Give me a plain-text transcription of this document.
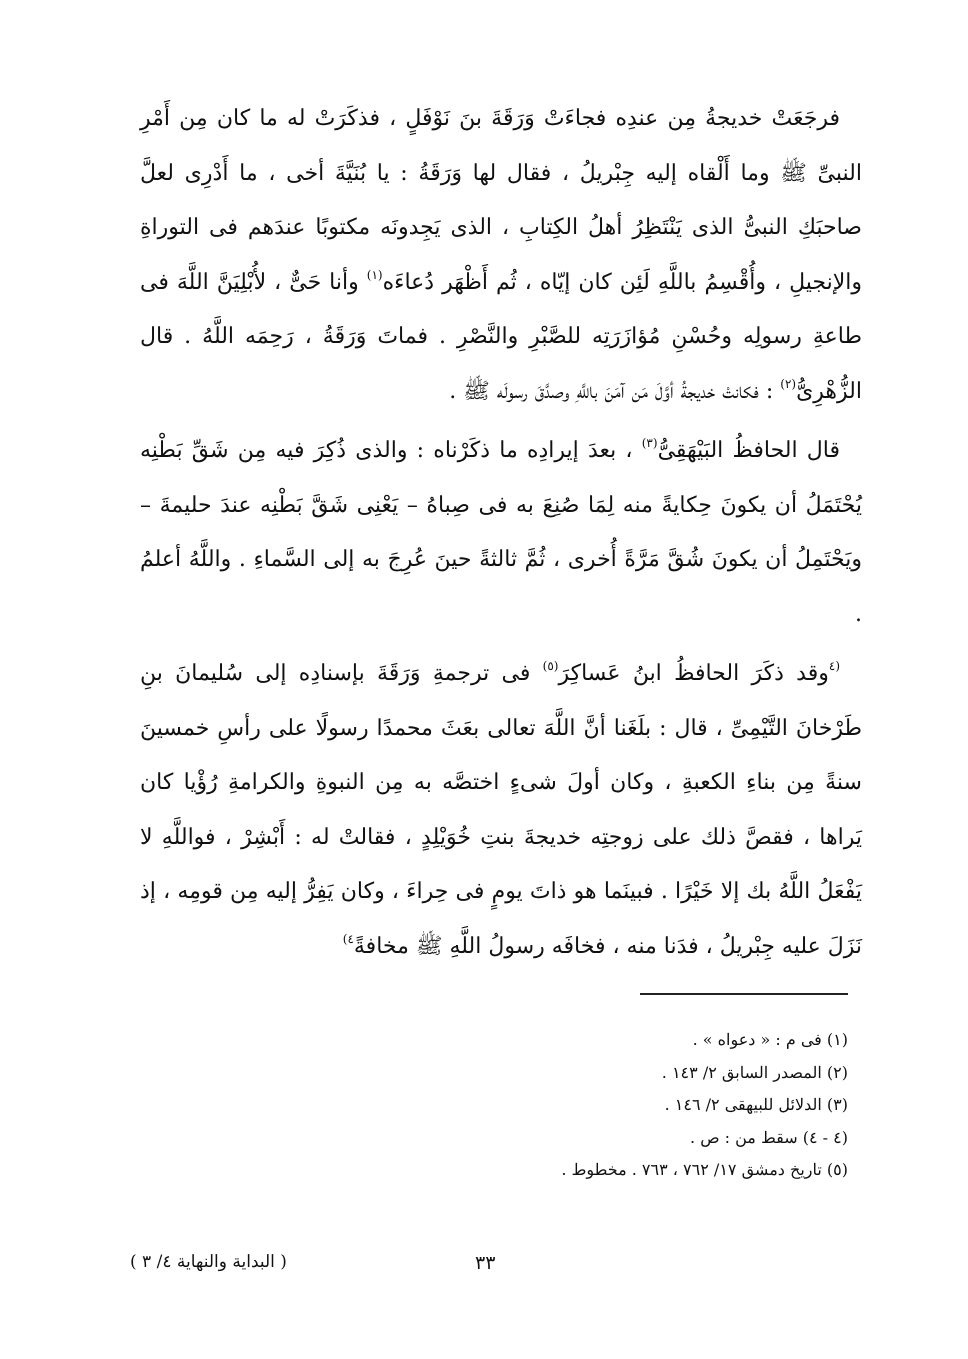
فرجَعَتْ خديجةُ مِن عندِه فجاءَتْ وَرَقَةَ بنَ نَوْفَلٍ ، فذكَرَتْ له ما كان مِن أَمْرِ النبىِّ ﷺ وما أَلْقاه إليه جِبْريلُ ، فقال لها وَرَقَةُ : يا بُنَيَّةَ أخى ، ما أَدْرِى لعلَّ صاحبَكِ النبىُّ الذى يَنْتَظِرُ أهلُ الكِتابِ ، الذى يَجِدونَه مكتوبًا عندَهم فى التوراةِ والإنجيلِ ، وأُقْسِمُ باللَّهِ لَئِن كان إيّاه ، ثُم أَظْهَر دُعاءَه$^{(١)}$ وأنا حَىٌّ ، لأُبْلِيَنَّ اللَّهَ فى طاعةِ رسولِه وحُسْنِ مُؤازَرَتِه للصَّبْرِ والنَّصْرِ . فماتَ وَرَقَةُ ، رَحِمَه اللَّهُ . قال الزُّهْرِىُّ$^{(٢)}$ : فكانتْ خديجةُ أوَّلَ مَن آمَنَ باللَّهِ وصدَّقَ رسولَه ﷺ .

قال الحافظُ البَيْهَقِىُّ$^{(٣)}$ ، بعدَ إيرادِه ما ذكَرْناه : والذى ذُكِرَ فيه مِن شَقِّ بَطْنِه يُحْتَمَلُ أن يكونَ حِكايةً منه لِمَا صُنِعَ به فى صِباهُ – يَعْنِى شَقَّ بَطْنِه عندَ حليمةَ – ويَحْتَمِلُ أن يكونَ شُقَّ مَرَّةً أُخرى ، ثُمَّ ثالثةً حينَ عُرِجَ به إلى السَّماءِ . واللَّهُ أعلمُ .

$^{(٤}$وقد ذكَرَ الحافظُ ابنُ عَساكِرَ$^{(٥)}$ فى ترجمةِ وَرَقَةَ بإسنادِه إلى سُليمانَ بنِ طَرْخانَ التَّيْمِىِّ ، قال : بلَغَنا أنَّ اللَّهَ تعالى بعَثَ محمدًا رسولًا على رأسِ خمسينَ سنةً مِن بناءِ الكعبةِ ، وكان أولَ شىءٍ اختصَّه به مِن النبوةِ والكرامةِ رُؤْيا كان يَراها ، فقصَّ ذلك على زوجتِه خديجةَ بنتِ خُوَيْلِدٍ ، فقالتْ له : أَبْشِرْ ، فواللَّهِ لا يَفْعَلُ اللَّهُ بك إلا خَيْرًا . فبينَما هو ذاتَ يومٍ فى حِراءَ ، وكان يَفِرُّ إليه مِن قومِه ، إذ نَزَلَ عليه جِبْريلُ ، فدَنا منه ، فخافَه رسولُ اللَّهِ ﷺ مخافةً$^{٤)}$

(١) فى م : « دعواه » .

(٢) المصدر السابق ٢/ ١٤٣ .

(٣) الدلائل للبيهقى ٢/ ١٤٦ .

(٤ - ٤) سقط من : ص .

(٥) تاريخ دمشق ١٧/ ٧٦٢ ، ٧٦٣ . مخطوط .

٣٣
( البداية والنهاية ٤/ ٣ )
